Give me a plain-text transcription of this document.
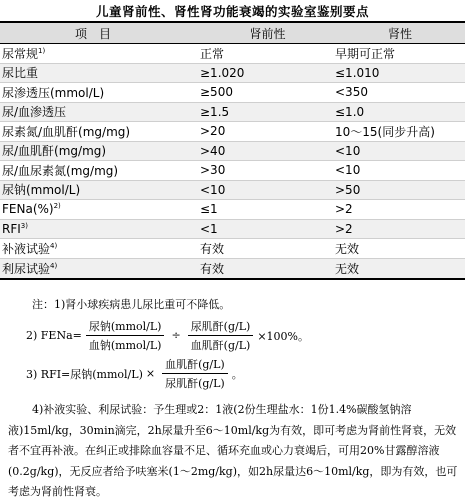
儿童肾前性、肾性肾功能衰竭的实验室鉴别要点
项　目	肾前性	肾性
尿常规$^{1)}$	正常	早期可正常
尿比重	≥1.020	≤1.010
尿渗透压(mmol/L)	≥500	<350
尿/血渗透压	≥1.5	≤1.0
尿素氮/血肌酐(mg/mg)	>20	10～15(同步升高)
尿/血肌酐(mg/mg)	>40	<10
尿/血尿素氮(mg/mg)	>30	<10
尿钠(mmol/L)	<10	>50
FENa(%)$^{2)}$	≤1	>2
$RFI^{3)}$	<1	>2
补液试验$^{4)}$	有效	无效
利尿试验$^{4)}$	有效	无效
注：1)肾小球疾病患儿尿比重可不降低。
2) FENa= $\frac{\text{尿钠(mmol/L)}}{\text{血钠(mmol/L)}} \div \frac{\text{尿肌酐(g/L)}}{\text{血肌酐(g/L)}} \times 100\%$。
3) RFI=尿钠(mmol/L) × $\frac{\text{血肌酐(g/L)}}{\text{尿肌酐(g/L)}}$ 。
4)补液实验、利尿试验：予生理或2：1液(2份生理盐水：1份1.4%碳酸氢钠溶液)15ml/kg，30min滴完，2h尿量升至6～10ml/kg为有效，即可考虑为肾前性肾衰，无效者不宜再补液。在纠正或排除血容量不足、循环充血或心力衰竭后，可用20%甘露醇溶液(0.2g/kg)，无反应者给予呋塞米(1～2mg/kg)，如2h尿量达6～10ml/kg，即为有效，也可考虑为肾前性肾衰。
